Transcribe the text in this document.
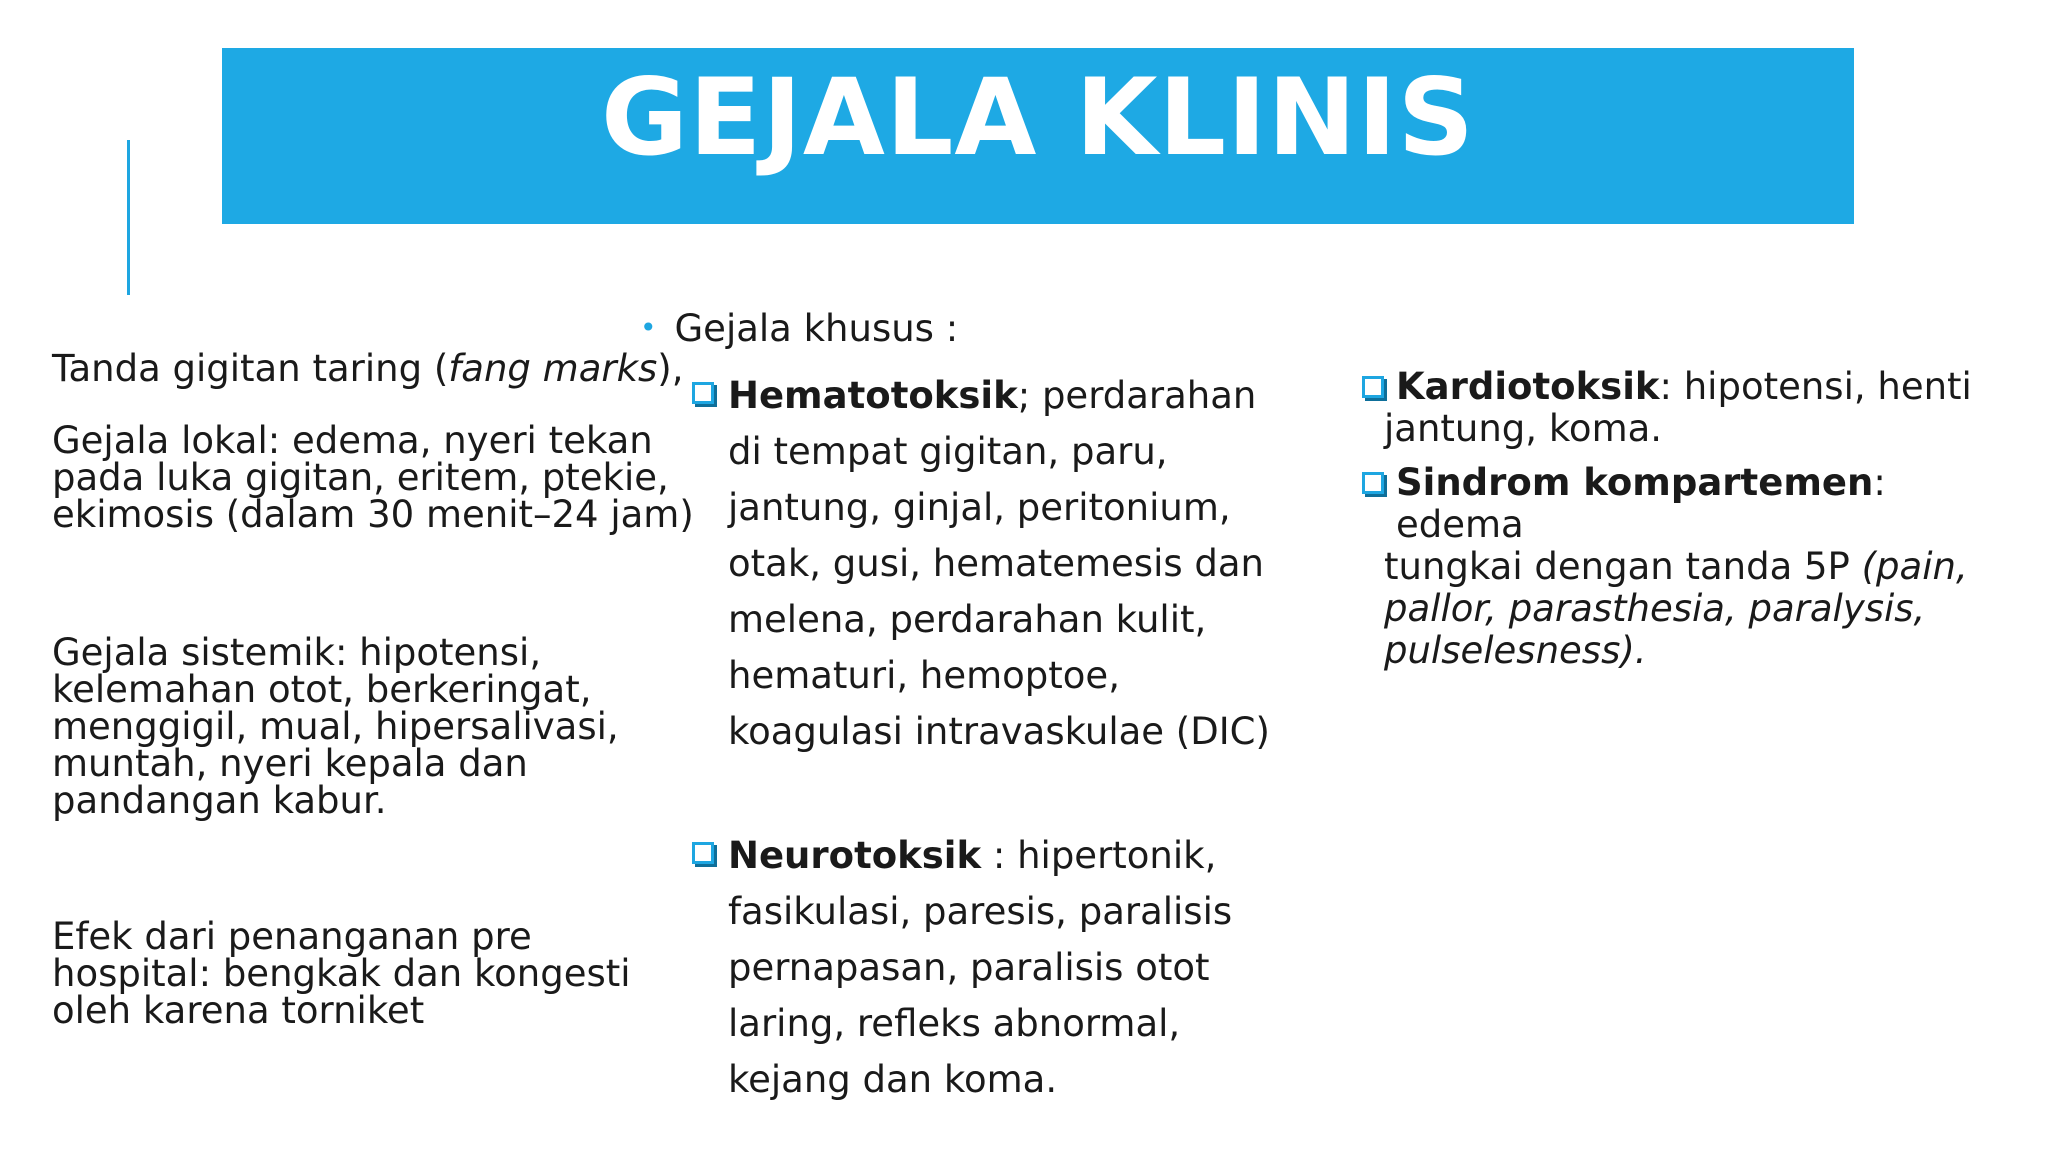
GEJALA KLINIS

Tanda gigitan taring (fang marks),

Gejala lokal: edema, nyeri tekan pada luka gigitan, eritem, ptekie, ekimosis (dalam 30 menit–24 jam)

Gejala sistemik: hipotensi, kelemahan otot, berkeringat, menggigil, mual, hipersalivasi, muntah, nyeri kepala dan pandangan kabur.

Efek dari penanganan pre hospital: bengkak dan kongesti oleh karena torniket

• Gejala khusus :
Hematotoksik; perdarahan di tempat gigitan, paru, jantung, ginjal, peritonium, otak, gusi, hematemesis dan melena, perdarahan kulit, hematuri, hemoptoe, koagulasi intravaskulae (DIC)
Neurotoksik : hipertonik, fasikulasi, paresis, paralisis pernapasan, paralisis otot laring, refleks abnormal, kejang dan koma.
Kardiotoksik: hipotensi, henti
jantung, koma.
Sindrom kompartemen: edema
tungkai dengan tanda 5P (pain, pallor, parasthesia, paralysis, pulselesness).
